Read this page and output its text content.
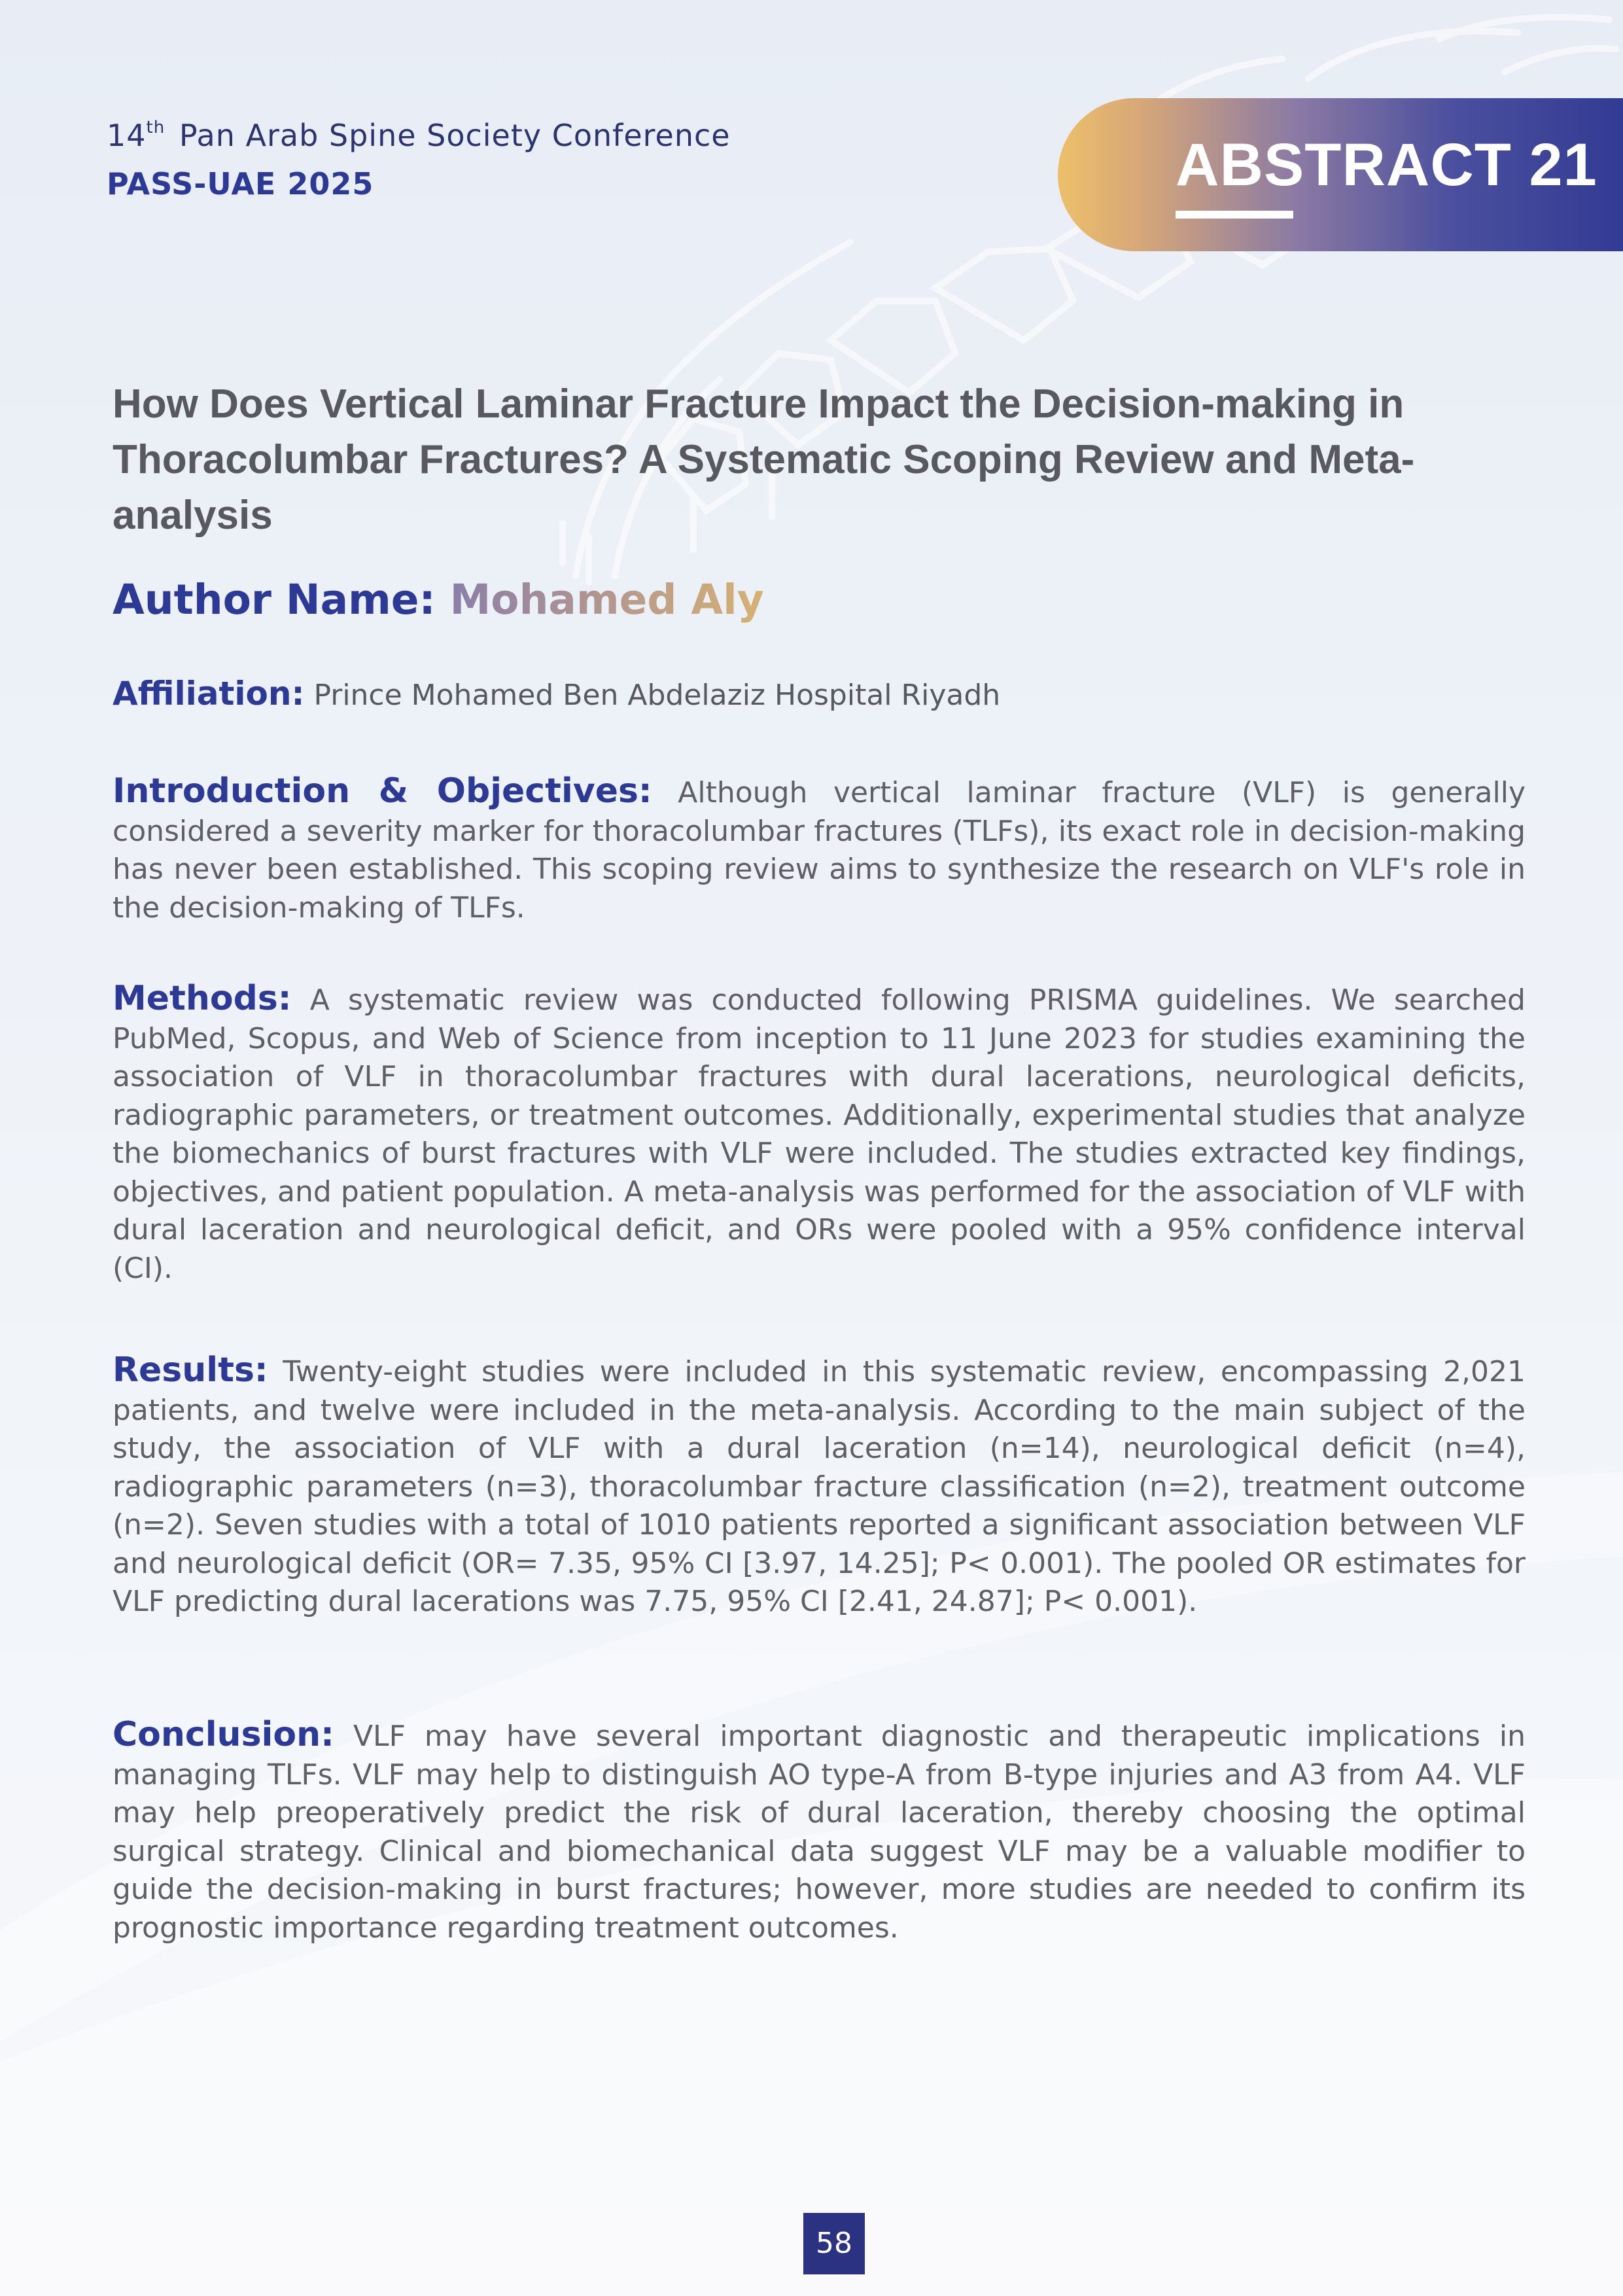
14th Pan Arab Spine Society Conference
PASS-UAE 2025	ABSTRACT 21
How Does Vertical Laminar Fracture Impact the Decision-making in Thoracolumbar Fractures? A Systematic Scoping Review and Meta-analysis
Author Name: Mohamed Aly
Affiliation: Prince Mohamed Ben Abdelaziz Hospital Riyadh

Introduction & Objectives: Although vertical laminar fracture (VLF) is generally considered a severity marker for thoracolumbar fractures (TLFs), its exact role in decision-making has never been established. This scoping review aims to synthesize the research on VLF's role in the decision-making of TLFs.

Methods: A systematic review was conducted following PRISMA guidelines. We searched PubMed, Scopus, and Web of Science from inception to 11 June 2023 for studies examining the association of VLF in thoracolumbar fractures with dural lacerations, neurological deficits, radiographic parameters, or treatment outcomes. Additionally, experimental studies that analyze the biomechanics of burst fractures with VLF were included. The studies extracted key findings, objectives, and patient population. A meta-analysis was performed for the association of VLF with dural laceration and neurological deficit, and ORs were pooled with a 95% confidence interval (CI).

Results: Twenty-eight studies were included in this systematic review, encompassing 2,021 patients, and twelve were included in the meta-analysis. According to the main subject of the study, the association of VLF with a dural laceration (n=14), neurological deficit (n=4), radiographic parameters (n=3), thoracolumbar fracture classification (n=2), treatment outcome (n=2). Seven studies with a total of 1010 patients reported a significant association between VLF and neurological deficit (OR= 7.35, 95% CI [3.97, 14.25]; P< 0.001). The pooled OR estimates for VLF predicting dural lacerations was 7.75, 95% CI [2.41, 24.87]; P< 0.001).

Conclusion: VLF may have several important diagnostic and therapeutic implications in managing TLFs. VLF may help to distinguish AO type-A from B-type injuries and A3 from A4. VLF may help preoperatively predict the risk of dural laceration, thereby choosing the optimal surgical strategy. Clinical and biomechanical data suggest VLF may be a valuable modifier to guide the decision-making in burst fractures; however, more studies are needed to confirm its prognostic importance regarding treatment outcomes.

58
